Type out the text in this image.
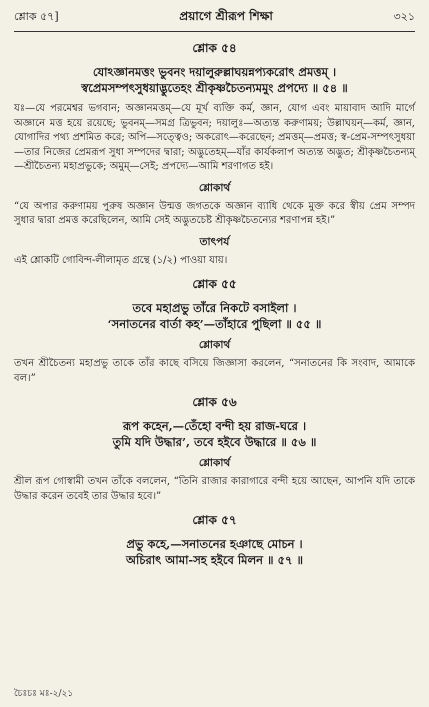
শ্লোক ৫৭]	প্রয়াগে শ্রীরূপ শিক্ষা	৩২১
শ্লোক ৫৪
যোঽজ্ঞানমত্তং ভুবনং দয়ালুরুল্লাঘয়ন্নপ্যকরোৎ প্রমত্তম্ ।
স্বপ্রেমসম্পৎসুধয়াদ্ভুতেহং শ্রীকৃষ্ণচৈতন্যমমুং প্রপদ্যে ॥ ৫৪ ॥

যঃ—যে পরমেশ্বর ভগবান; অজ্ঞানমত্তম্—যে মূর্খ ব্যক্তি কর্ম, জ্ঞান, যোগ এবং মায়াবাদ আদি মার্গে অজ্ঞানে মত্ত হয়ে রয়েছে; ভুবনম্—সমগ্র ত্রিভুবন; দয়ালুঃ—অত্যন্ত করুণাময়; উল্লাঘয়ন্—কর্ম, জ্ঞান, যোগাদির পথ্য প্রশমিত করে; অপি—সত্ত্বেও; অকরোৎ—করেছেন; প্রমত্তম্—প্রমত্ত; স্ব-প্রেম-সম্পৎসুধয়া—তার নিজের প্রেমরূপ সুধা সম্পদের দ্বারা; অদ্ভুতেহম্—যাঁর কার্যকলাপ অত্যন্ত অদ্ভুত; শ্রীকৃষ্ণচৈতন্যম্—শ্রীচৈতন্য মহাপ্রভুকে; অমুম্—সেই; প্রপদ্যে—আমি শরণাগত হই।

শ্লোকার্থ

“যে অপার করুণাময় পুরুষ অজ্ঞান উন্মত্ত জগতকে অজ্ঞান ব্যাধি থেকে মুক্ত করে স্বীয় প্রেম সম্পদ সুধার দ্বারা প্রমত্ত করেছিলেন, আমি সেই অদ্ভুতচেষ্ট শ্রীকৃষ্ণচৈতন্যের শরণাপন্ন হই।”

তাৎপর্য

এই শ্লোকটি গোবিন্দ-লীলামৃত গ্রন্থে (১/২) পাওয়া যায়।

শ্লোক ৫৫
তবে মহাপ্রভু তাঁরে নিকটে বসাইলা ।
‘সনাতনের বার্তা কহ’—তাঁহারে পুছিলা ॥ ৫৫ ॥
শ্লোকার্থ

তখন শ্রীচৈতন্য মহাপ্রভু তাকে তাঁর কাছে বসিয়ে জিজ্ঞাসা করলেন, “সনাতনের কি সংবাদ, আমাকে বল।”

শ্লোক ৫৬
রূপ কহেন,—তেঁহো বন্দী হয় রাজ-ঘরে ।
তুমি যদি উদ্ধার’, তবে হইবে উদ্ধারে ॥ ৫৬ ॥
শ্লোকার্থ

শ্রীল রূপ গোস্বামী তখন তাঁকে বললেন, “তিনি রাজার কারাগারে বন্দী হয়ে আছেন, আপনি যদি তাকে উদ্ধার করেন তবেই তার উদ্ধার হবে।”

শ্লোক ৫৭
প্রভু কহে,—সনাতনের হঞাছে মোচন ।
অচিরাৎ আমা-সহ হইবে মিলন ॥ ৫৭ ॥
চৈঃচঃ মঃ-২/২১
